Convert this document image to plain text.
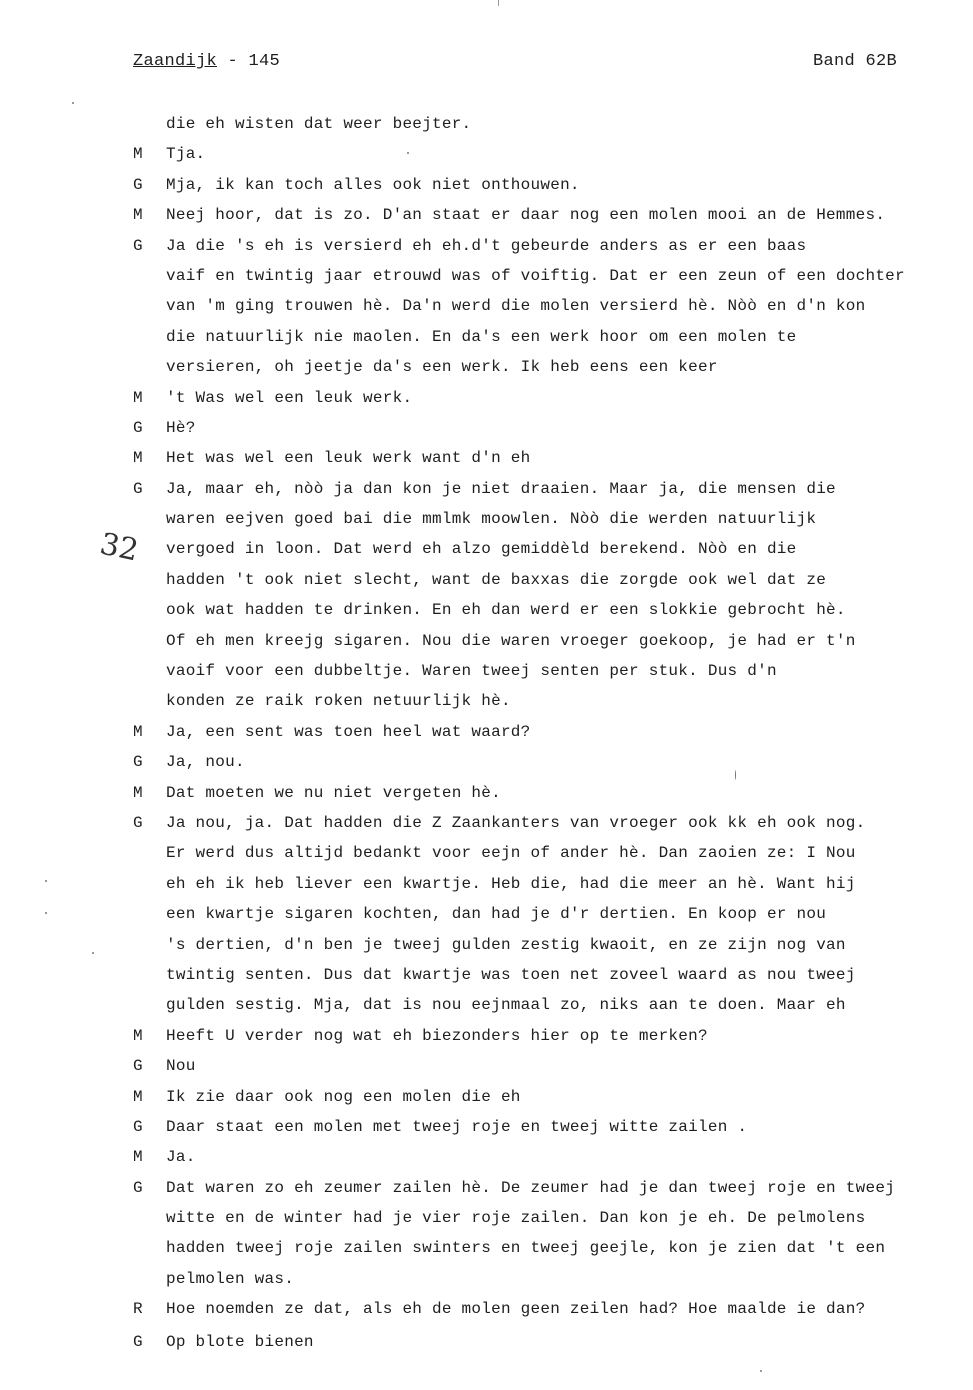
Zaandijk - 145	Band 62B
32
die eh wisten dat weer beejter.
M Tja.
G Mja, ik kan toch alles ook niet onthouwen.
M Neej hoor, dat is zo. D'an staat er daar nog een molen mooi an de Hemmes.
G Ja die 's eh is versierd eh eh.d't gebeurde anders as er een baas
vaif en twintig jaar etrouwd was of voiftig. Dat er een zeun of een dochter
van 'm ging trouwen hè. Da'n werd die molen versierd hè. Nòò en d'n kon
die natuurlijk nie maolen. En da's een werk hoor om een molen te
versieren, oh jeetje da's een werk. Ik heb eens een keer
M 't Was wel een leuk werk.
G Hè?
M Het was wel een leuk werk want d'n eh
G Ja, maar eh, nòò ja dan kon je niet draaien. Maar ja, die mensen die
waren eejven goed bai die mmlmk moowlen. Nòò die werden natuurlijk
vergoed in loon. Dat werd eh alzo gemiddèld berekend. Nòò en die
hadden 't ook niet slecht, want de baxxas die zorgde ook wel dat ze
ook wat hadden te drinken. En eh dan werd er een slokkie gebrocht hè.
Of eh men kreejg sigaren. Nou die waren vroeger goekoop, je had er t'n
vaoif voor een dubbeltje. Waren tweej senten per stuk. Dus d'n
konden ze raik roken netuurlijk hè.
M Ja, een sent was toen heel wat waard?
G Ja, nou.
M Dat moeten we nu niet vergeten hè.
G Ja nou, ja. Dat hadden die Z Zaankanters van vroeger ook kk eh ook nog.
Er werd dus altijd bedankt voor eejn of ander hè. Dan zaoien ze: I Nou
eh eh ik heb liever een kwartje. Heb die, had die meer an hè. Want hij
een kwartje sigaren kochten, dan had je d'r dertien. En koop er nou
's dertien, d'n ben je tweej gulden zestig kwaoit, en ze zijn nog van
twintig senten. Dus dat kwartje was toen net zoveel waard as nou tweej
gulden sestig. Mja, dat is nou eejnmaal zo, niks aan te doen. Maar eh
M Heeft U verder nog wat eh biezonders hier op te merken?
G Nou
M Ik zie daar ook nog een molen die eh
G Daar staat een molen met tweej roje en tweej witte zailen .
M Ja.
G Dat waren zo eh zeumer zailen hè. De zeumer had je dan tweej roje en tweej
witte en de winter had je vier roje zailen. Dan kon je eh. De pelmolens
hadden tweej roje zailen swinters en tweej geejle, kon je zien dat 't een
pelmolen was.
R Hoe noemden ze dat, als eh de molen geen zeilen had? Hoe maalde ie dan?
G Op blote bienen
